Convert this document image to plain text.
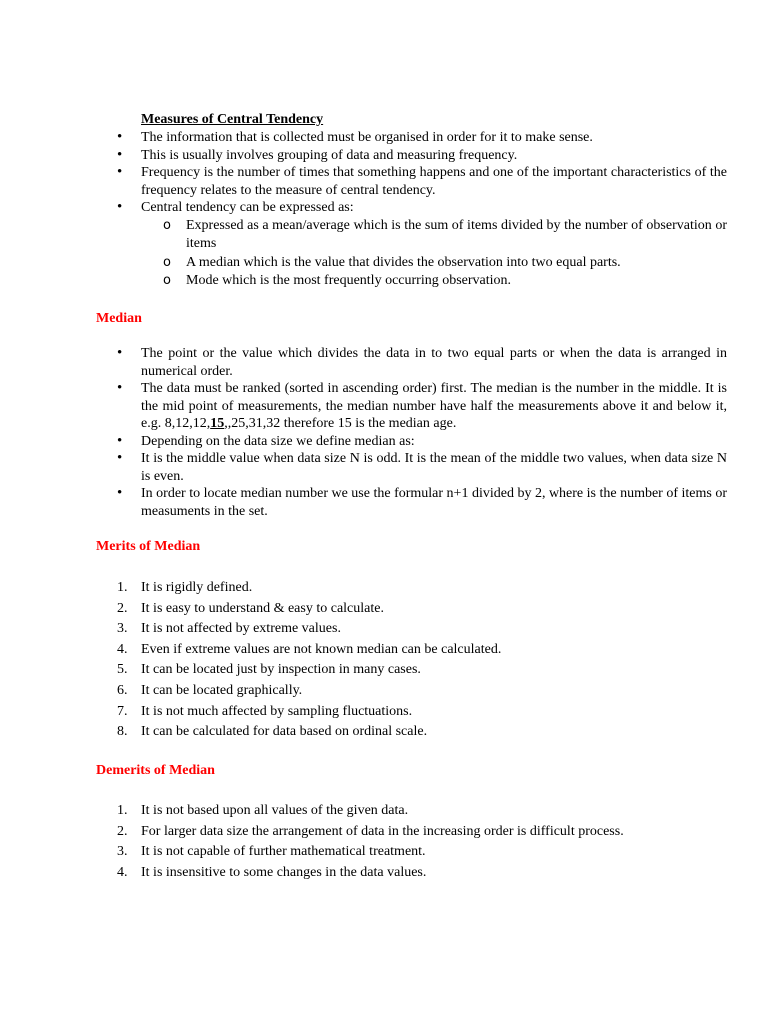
Measures of Central Tendency
• The information that is collected must be organised in order for it to make sense.
• This is usually involves grouping of data and measuring frequency.
• Frequency is the number of times that something happens and one of the important characteristics of the frequency relates to the measure of central tendency.
• Central tendency can be expressed as:
o Expressed as a mean/average which is the sum of items divided by the number of observation or items
o A median which is the value that divides the observation into two equal parts.
o Mode which is the most frequently occurring observation.
Median
• The point or the value which divides the data in to two equal parts or when the data is arranged in numerical order.
• The data must be ranked (sorted in ascending order) first. The median is the number in the middle. It is the mid point of measurements, the median number have half the measurements above it and below it, e.g. 8,12,12,15,,25,31,32 therefore 15 is the median age.
• Depending on the data size we define median as:
• It is the middle value when data size N is odd. It is the mean of the middle two values, when data size N is even.
• In order to locate median number we use the formular n+1 divided by 2, where is the number of items or measuments in the set.
Merits of Median
1. It is rigidly defined.
2. It is easy to understand & easy to calculate.
3. It is not affected by extreme values.
4. Even if extreme values are not known median can be calculated.
5. It can be located just by inspection in many cases.
6. It can be located graphically.
7. It is not much affected by sampling fluctuations.
8. It can be calculated for data based on ordinal scale.
Demerits of Median
1. It is not based upon all values of the given data.
2. For larger data size the arrangement of data in the increasing order is difficult process.
3. It is not capable of further mathematical treatment.
4. It is insensitive to some changes in the data values.
